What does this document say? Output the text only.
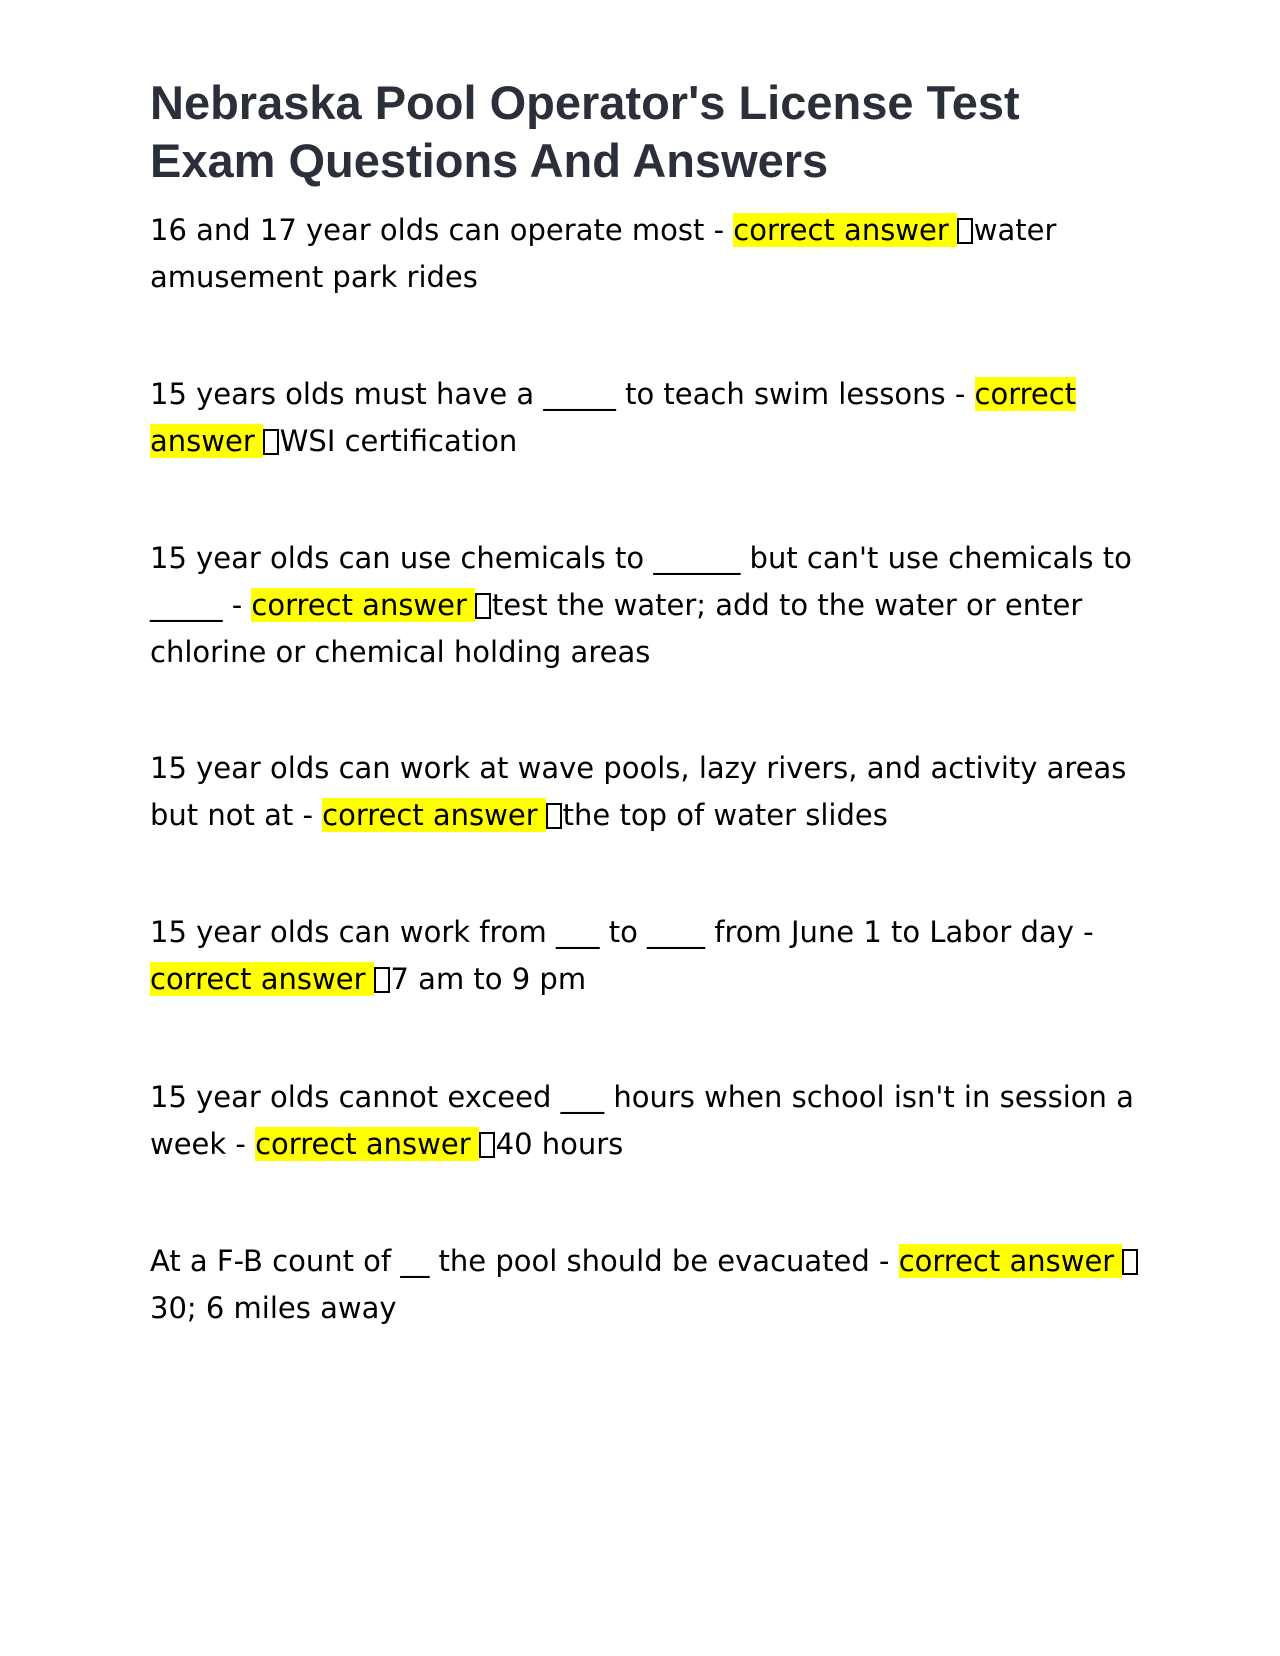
Nebraska Pool Operator's License Test Exam Questions And Answers

16 and 17 year olds can operate most - correct answer water amusement park rides

15 years olds must have a _____ to teach swim lessons - correct answer WSI certification

15 year olds can use chemicals to ______ but can't use chemicals to _____ - correct answer test the water; add to the water or enter chlorine or chemical holding areas

15 year olds can work at wave pools, lazy rivers, and activity areas but not at - correct answer the top of water slides

15 year olds can work from ___ to ____ from June 1 to Labor day - correct answer 7 am to 9 pm

15 year olds cannot exceed ___ hours when school isn't in session a week - correct answer 40 hours

At a F-B count of __ the pool should be evacuated - correct answer30; 6 miles away
